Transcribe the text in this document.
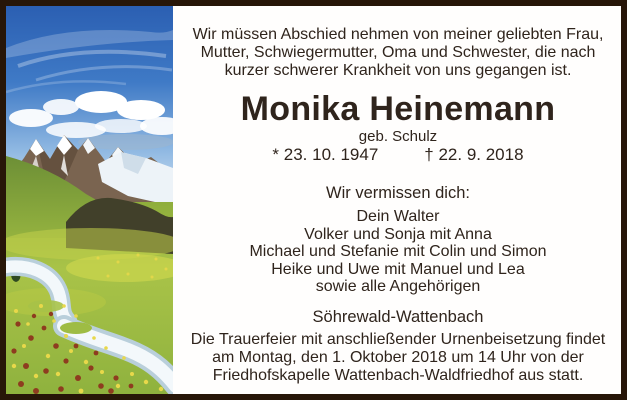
Wir müssen Abschied nehmen von meiner geliebten Frau, Mutter, Schwiegermutter, Oma und Schwester, die nach kurzer schwerer Krankheit von uns gegangen ist.

Monika Heinemann
geb. Schulz
* 23. 10. 1947	† 22. 9. 2018
Wir vermissen dich:
Dein Walter
Volker und Sonja mit Anna
Michael und Stefanie mit Colin und Simon
Heike und Uwe mit Manuel und Lea
sowie alle Angehörigen
Söhrewald-Wattenbach

Die Trauerfeier mit anschließender Urnenbeisetzung findet am Montag, den 1. Oktober 2018 um 14 Uhr von der Friedhofskapelle Wattenbach-Waldfriedhof aus statt.
